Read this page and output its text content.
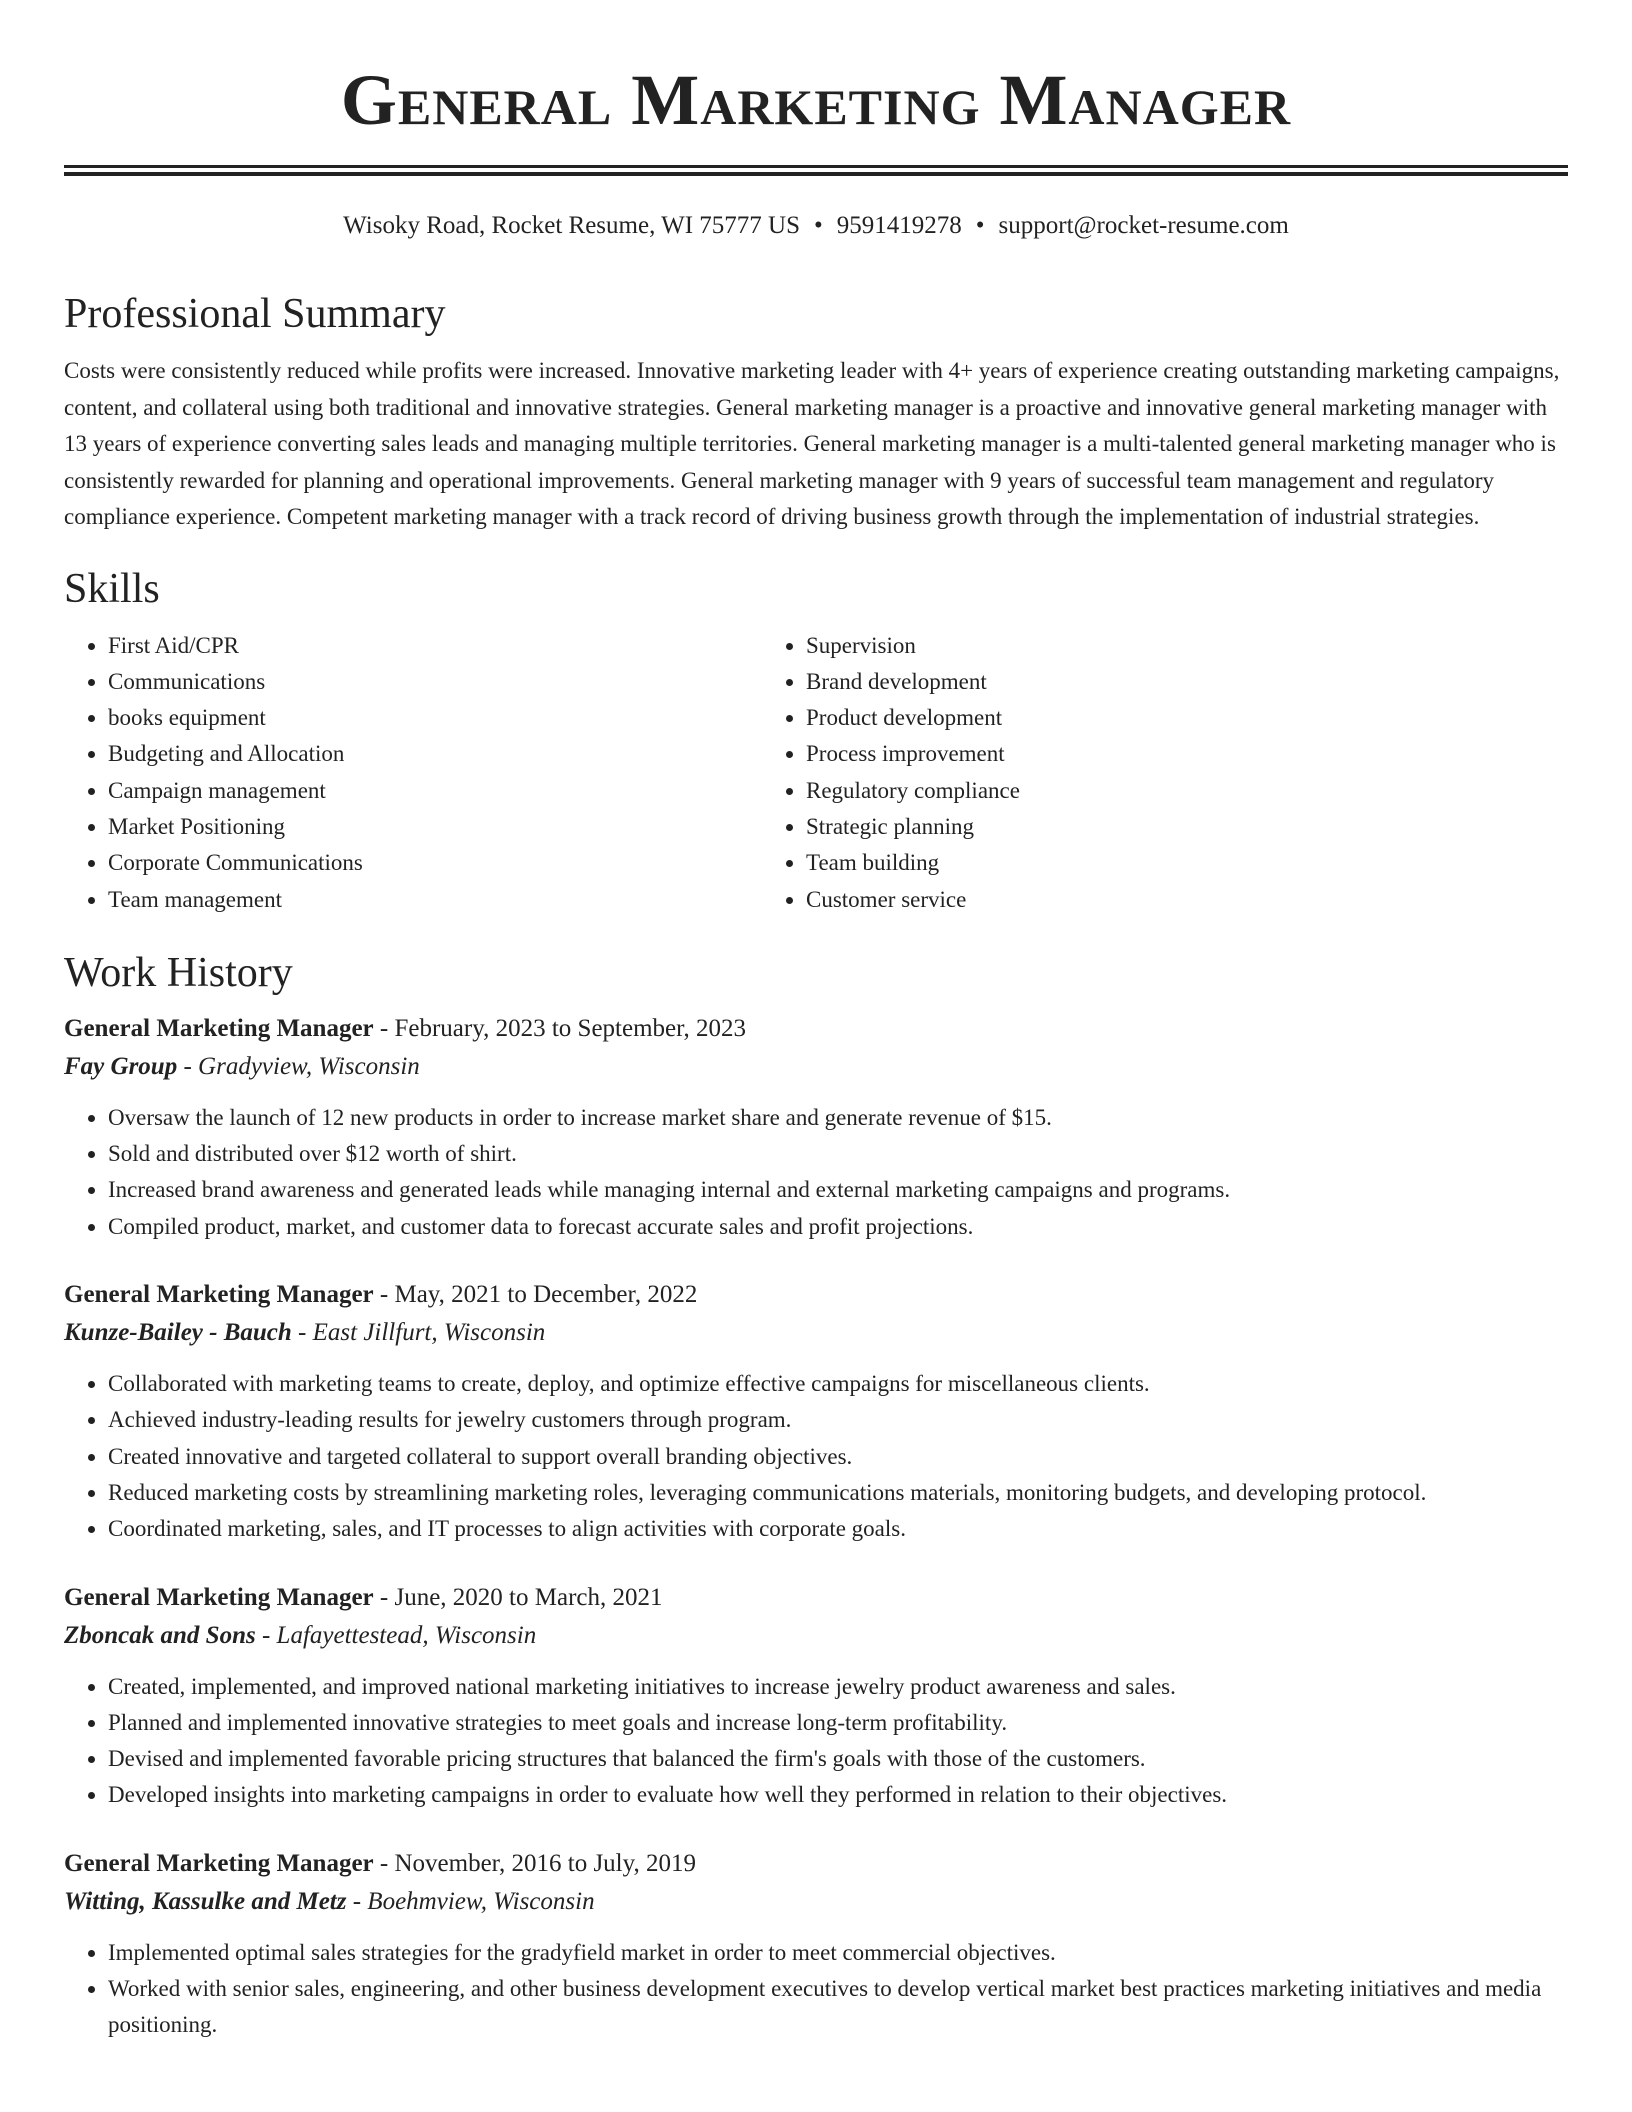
General Marketing Manager
Wisoky Road, Rocket Resume, WI 75777 US • 9591419278 • support@rocket-resume.com
Professional Summary

Costs were consistently reduced while profits were increased. Innovative marketing leader with 4+ years of experience creating outstanding marketing campaigns, content, and collateral using both traditional and innovative strategies. General marketing manager is a proactive and innovative general marketing manager with 13 years of experience converting sales leads and managing multiple territories. General marketing manager is a multi-talented general marketing manager who is consistently rewarded for planning and operational improvements. General marketing manager with 9 years of successful team management and regulatory compliance experience. Competent marketing manager with a track record of driving business growth through the implementation of industrial strategies.

Skills
• First Aid/CPR
• Communications
• books equipment
• Budgeting and Allocation
• Campaign management
• Market Positioning
• Corporate Communications
• Team management
• Supervision
• Brand development
• Product development
• Process improvement
• Regulatory compliance
• Strategic planning
• Team building
• Customer service
Work History
General Marketing Manager - February, 2023 to September, 2023
Fay Group - Gradyview, Wisconsin
• Oversaw the launch of 12 new products in order to increase market share and generate revenue of $15.
• Sold and distributed over $12 worth of shirt.
• Increased brand awareness and generated leads while managing internal and external marketing campaigns and programs.
• Compiled product, market, and customer data to forecast accurate sales and profit projections.
General Marketing Manager - May, 2021 to December, 2022
Kunze-Bailey - Bauch - East Jillfurt, Wisconsin
• Collaborated with marketing teams to create, deploy, and optimize effective campaigns for miscellaneous clients.
• Achieved industry-leading results for jewelry customers through program.
• Created innovative and targeted collateral to support overall branding objectives.
• Reduced marketing costs by streamlining marketing roles, leveraging communications materials, monitoring budgets, and developing protocol.
• Coordinated marketing, sales, and IT processes to align activities with corporate goals.
General Marketing Manager - June, 2020 to March, 2021
Zboncak and Sons - Lafayettestead, Wisconsin
• Created, implemented, and improved national marketing initiatives to increase jewelry product awareness and sales.
• Planned and implemented innovative strategies to meet goals and increase long-term profitability.
• Devised and implemented favorable pricing structures that balanced the firm's goals with those of the customers.
• Developed insights into marketing campaigns in order to evaluate how well they performed in relation to their objectives.
General Marketing Manager - November, 2016 to July, 2019
Witting, Kassulke and Metz - Boehmview, Wisconsin
• Implemented optimal sales strategies for the gradyfield market in order to meet commercial objectives.
• Worked with senior sales, engineering, and other business development executives to develop vertical market best practices marketing initiatives and media positioning.
